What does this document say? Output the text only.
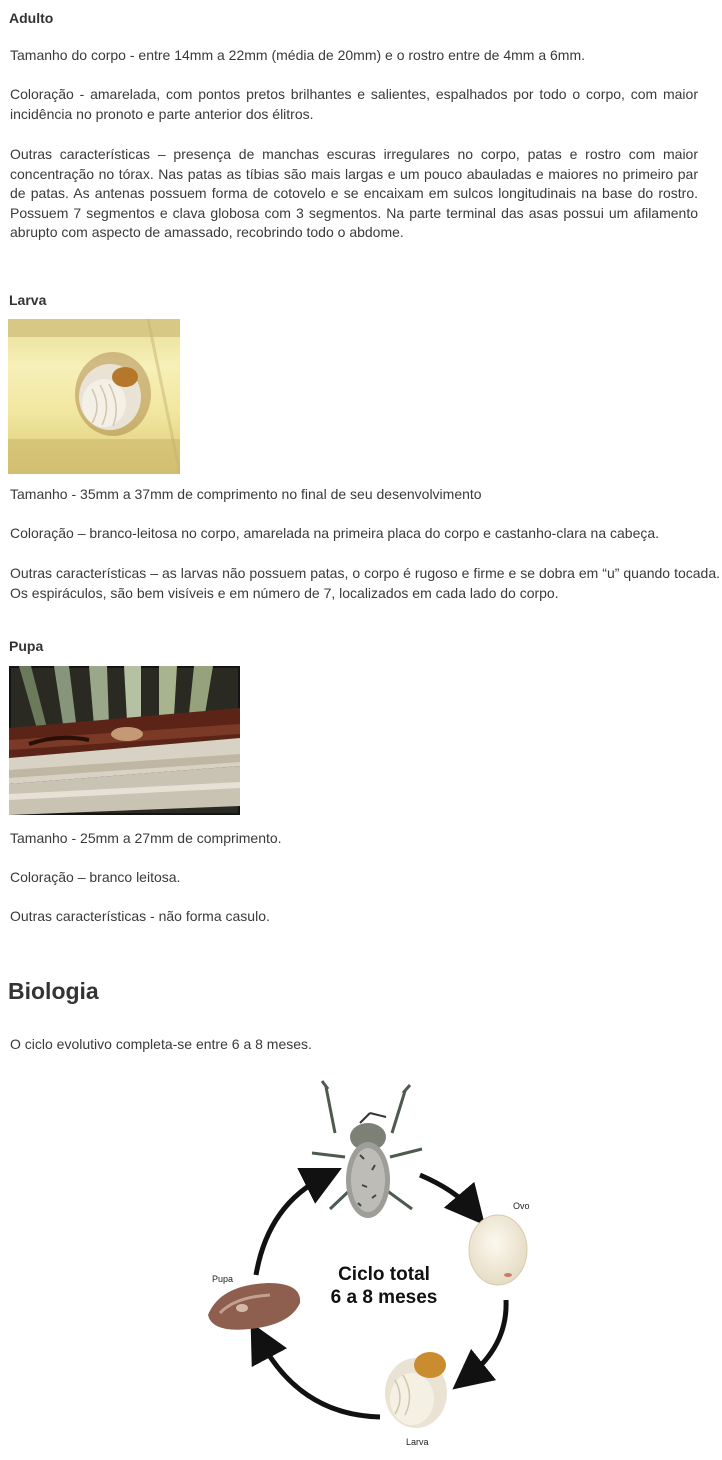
Adulto

Tamanho do corpo - entre 14mm a 22mm (média de 20mm) e o rostro entre de 4mm a 6mm.

Coloração - amarelada, com pontos pretos brilhantes e salientes, espalhados por todo o corpo, com maior incidência no pronoto e parte anterior dos élitros.

Outras características – presença de manchas escuras irregulares no corpo, patas e rostro com maior concentração no tórax. Nas patas as tíbias são mais largas e um pouco abauladas e maiores no primeiro par de patas. As antenas possuem forma de cotovelo e se encaixam em sulcos longitudinais na base do rostro. Possuem 7 segmentos e clava globosa com 3 segmentos. Na parte terminal das asas possui um afilamento abrupto com aspecto de amassado, recobrindo todo o abdome.

Larva

Tamanho - 35mm a 37mm de comprimento no final de seu desenvolvimento

Coloração – branco-leitosa no corpo, amarelada na primeira placa do corpo e castanho-clara na cabeça.

Outras características – as larvas não possuem patas, o corpo é rugoso e firme e se dobra em “u” quando tocada. Os espiráculos, são bem visíveis e em número de 7, localizados em cada lado do corpo.

Pupa

Tamanho - 25mm a 27mm de comprimento.

Coloração – branco leitosa.

Outras características - não forma casulo.

Biologia

O ciclo evolutivo completa-se entre 6 a 8 meses.

Ovo
Larva
Pupa	Ciclo total
6 a 8 meses
